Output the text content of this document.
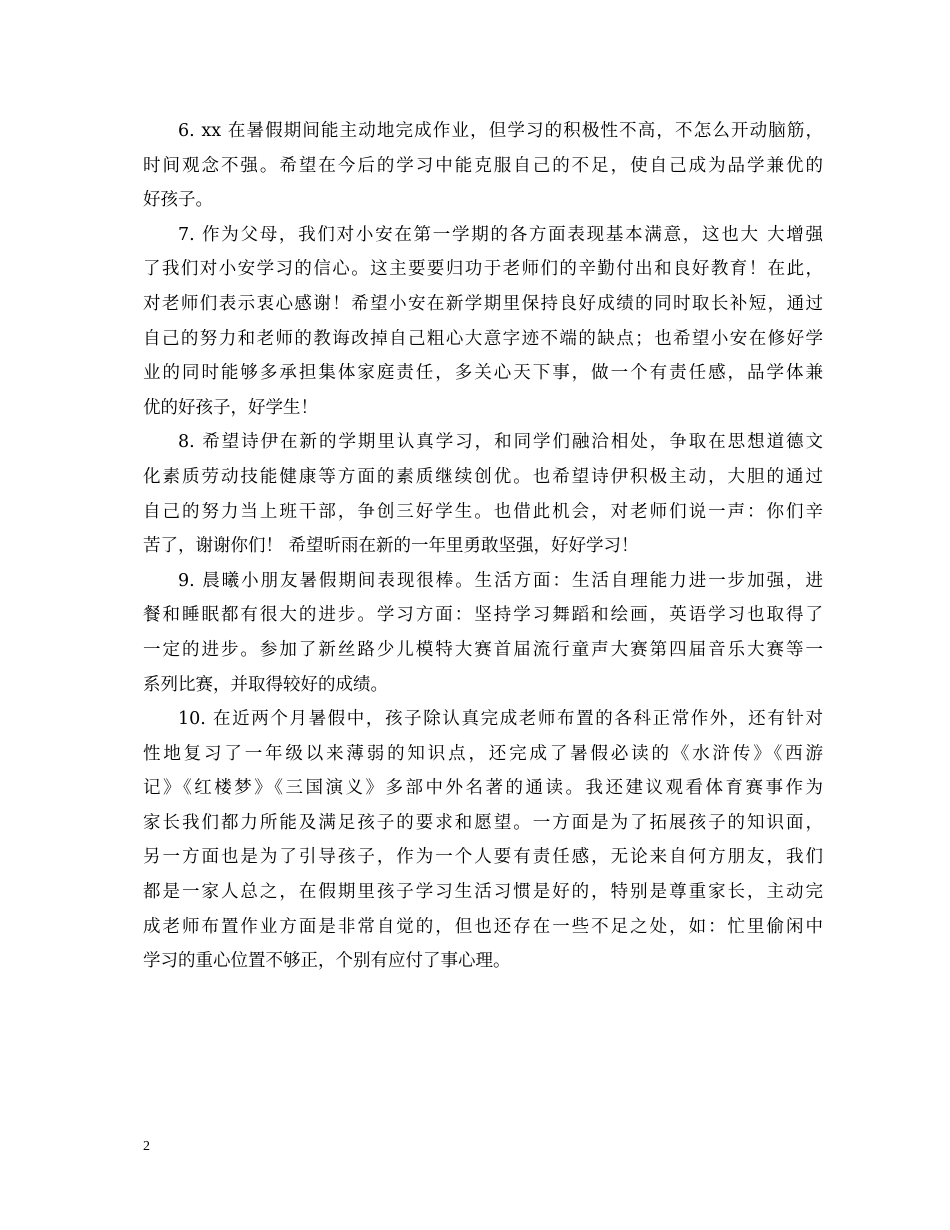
6. xx 在暑假期间能主动地完成作业，但学习的积极性不高，不怎么开动脑筋，
时间观念不强。希望在今后的学习中能克服自己的不足，使自己成为品学兼优的
好孩子。
7. 作为父母，我们对小安在第一学期的各方面表现基本满意，这也大 大增强
了我们对小安学习的信心。这主要要归功于老师们的辛勤付出和良好教育！在此，
对老师们表示衷心感谢！希望小安在新学期里保持良好成绩的同时取长补短，通过
自己的努力和老师的教诲改掉自己粗心大意字迹不端的缺点；也希望小安在修好学
业的同时能够多承担集体家庭责任，多关心天下事，做一个有责任感，品学体兼
优的好孩子，好学生！
8. 希望诗伊在新的学期里认真学习，和同学们融洽相处，争取在思想道德文
化素质劳动技能健康等方面的素质继续创优。也希望诗伊积极主动，大胆的通过
自己的努力当上班干部，争创三好学生。也借此机会，对老师们说一声：你们辛
苦了，谢谢你们！ 希望昕雨在新的一年里勇敢坚强，好好学习！
9. 晨曦小朋友暑假期间表现很棒。生活方面：生活自理能力进一步加强，进
餐和睡眠都有很大的进步。学习方面：坚持学习舞蹈和绘画，英语学习也取得了
一定的进步。参加了新丝路少儿模特大赛首届流行童声大赛第四届音乐大赛等一
系列比赛，并取得较好的成绩。
10. 在近两个月暑假中，孩子除认真完成老师布置的各科正常作外，还有针对
性地复习了一年级以来薄弱的知识点，还完成了暑假必读的《水浒传》《西游
记》《红楼梦》《三国演义》多部中外名著的通读。我还建议观看体育赛事作为
家长我们都力所能及满足孩子的要求和愿望。一方面是为了拓展孩子的知识面，
另一方面也是为了引导孩子，作为一个人要有责任感，无论来自何方朋友，我们
都是一家人总之，在假期里孩子学习生活习惯是好的，特别是尊重家长，主动完
成老师布置作业方面是非常自觉的，但也还存在一些不足之处，如：忙里偷闲中
学习的重心位置不够正，个别有应付了事心理。
2
